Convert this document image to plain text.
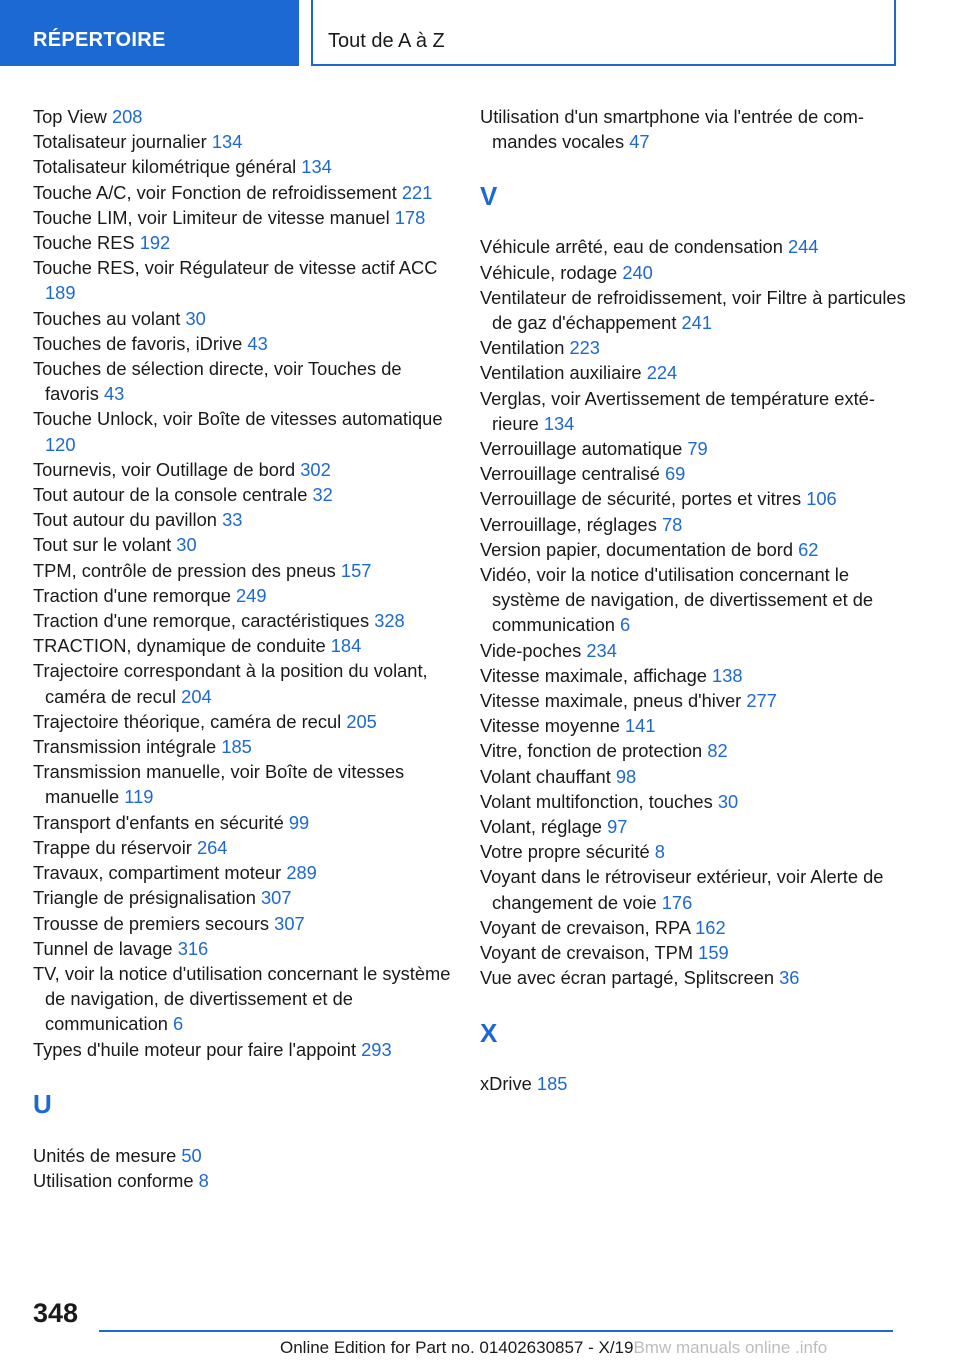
RÉPERTOIRE	Tout de A à Z
Top View 208
Totalisateur journalier 134
Totalisateur kilométrique général 134
Touche A/C, voir Fonction de refroidissement 221
Touche LIM, voir Limiteur de vitesse manuel 178
Touche RES 192
Touche RES, voir Régulateur de vitesse actif ACC 189
Touches au volant 30
Touches de favoris, iDrive 43
Touches de sélection directe, voir Touches de favoris 43
Touche Unlock, voir Boîte de vitesses automatique 120
Tournevis, voir Outillage de bord 302
Tout autour de la console centrale 32
Tout autour du pavillon 33
Tout sur le volant 30
TPM, contrôle de pression des pneus 157
Traction d'une remorque 249
Traction d'une remorque, caractéristiques 328
TRACTION, dynamique de conduite 184
Trajectoire correspondant à la position du volant, caméra de recul 204
Trajectoire théorique, caméra de recul 205
Transmission intégrale 185
Transmission manuelle, voir Boîte de vitesses manuelle 119
Transport d'enfants en sécurité 99
Trappe du réservoir 264
Travaux, compartiment moteur 289
Triangle de présignalisation 307
Trousse de premiers secours 307
Tunnel de lavage 316
TV, voir la notice d'utilisation concernant le système de navigation, de divertissement et de communication 6
Types d'huile moteur pour faire l'appoint 293
U
Unités de mesure 50
Utilisation conforme 8
Utilisation d'un smartphone via l'entrée de commandes vocales 47
V
Véhicule arrêté, eau de condensation 244
Véhicule, rodage 240
Ventilateur de refroidissement, voir Filtre à particules de gaz d'échappement 241
Ventilation 223
Ventilation auxiliaire 224
Verglas, voir Avertissement de température extérieure 134
Verrouillage automatique 79
Verrouillage centralisé 69
Verrouillage de sécurité, portes et vitres 106
Verrouillage, réglages 78
Version papier, documentation de bord 62
Vidéo, voir la notice d'utilisation concernant le système de navigation, de divertissement et de communication 6
Vide-poches 234
Vitesse maximale, affichage 138
Vitesse maximale, pneus d'hiver 277
Vitesse moyenne 141
Vitre, fonction de protection 82
Volant chauffant 98
Volant multifonction, touches 30
Volant, réglage 97
Votre propre sécurité 8
Voyant dans le rétroviseur extérieur, voir Alerte de changement de voie 176
Voyant de crevaison, RPA 162
Voyant de crevaison, TPM 159
Vue avec écran partagé, Splitscreen 36
X
xDrive 185
348
Online Edition for Part no. 01402630857 - X/19Bmw manuals online .info
